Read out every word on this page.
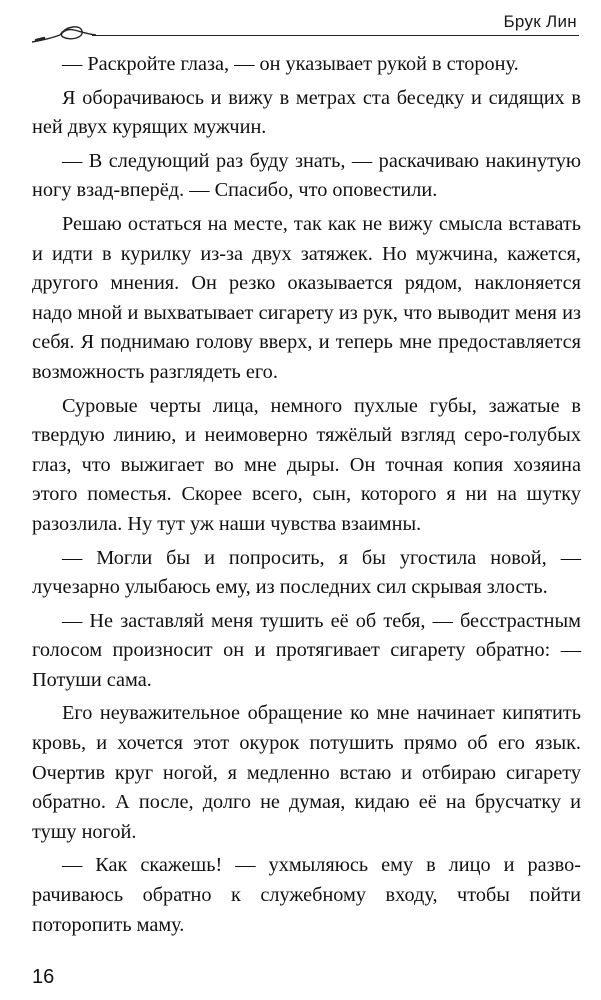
Брук Лин

— Раскройте глаза, — он указывает рукой в сторону.

Я оборачиваюсь и вижу в метрах ста беседку и сидящих в ней двух курящих мужчин.

— В следующий раз буду знать, — раскачиваю накинутую ногу взад-вперёд. — Спасибо, что оповестили.

Решаю остаться на месте, так как не вижу смысла вставать и идти в курилку из-за двух затяжек. Но мужчина, кажется, другого мнения. Он резко оказывается рядом, наклоняется надо мной и выхватывает сигарету из рук, что выводит меня из себя. Я поднимаю голову вверх, и теперь мне предоставляется возможность разглядеть его.

Суровые черты лица, немного пухлые губы, зажатые в твердую линию, и неимоверно тяжёлый взгляд серо-голубых глаз, что выжигает во мне дыры. Он точная копия хозяина этого поместья. Скорее всего, сын, которого я ни на шутку разозлила. Ну тут уж наши чувства взаимны.

— Могли бы и попросить, я бы угостила новой, — лучезарно улыбаюсь ему, из последних сил скрывая злость.

— Не заставляй меня тушить её об тебя, — бесстрастным голосом произносит он и протягивает сигарету обратно: — Потуши сама.

Его неуважительное обращение ко мне начинает кипятить кровь, и хочется этот окурок потушить прямо об его язык. Очертив круг ногой, я медленно встаю и отбираю сигарету обратно. А после, долго не думая, кидаю её на брусчатку и тушу ногой.

— Как скажешь! — ухмыляюсь ему в лицо и разворачиваюсь обратно к служебному входу, чтобы пойти поторопить маму.

16
